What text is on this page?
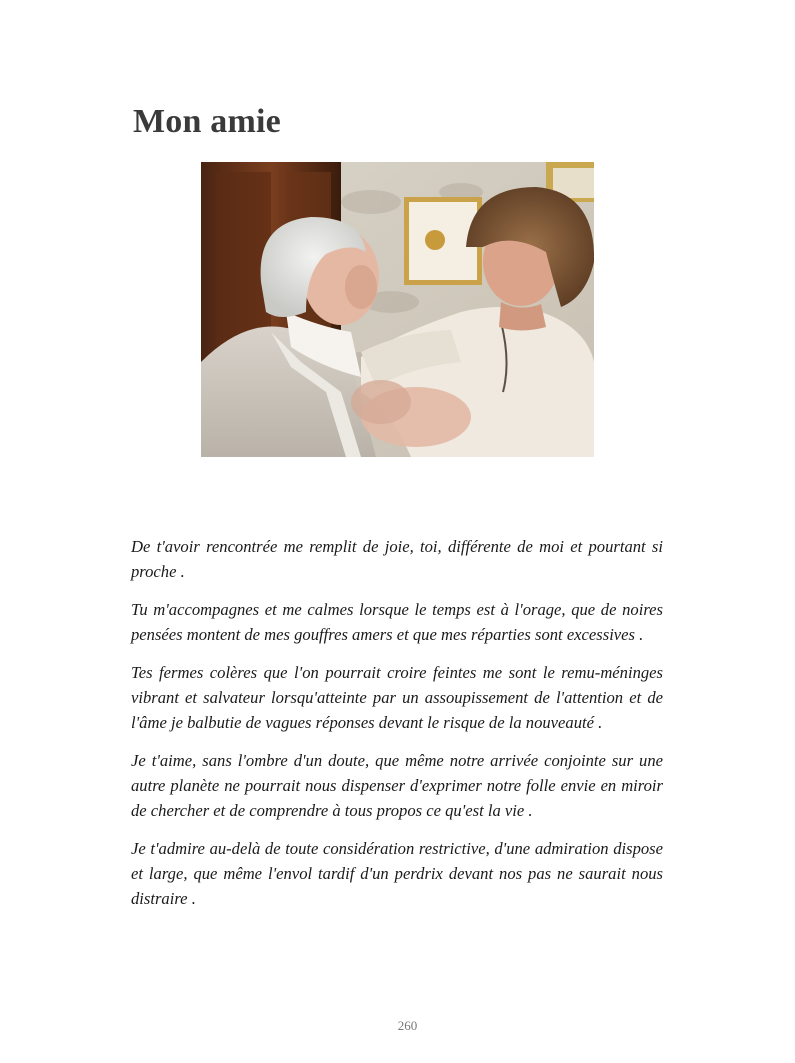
Mon amie

De t'avoir rencontrée me remplit de joie, toi, différente de moi et pourtant si proche .

Tu m'accompagnes et me calmes lorsque le temps est à l'orage, que de noires pensées montent de mes gouffres amers et que mes réparties sont excessives .

Tes fermes colères que l'on pourrait croire feintes me sont le remu-méninges vibrant et salvateur lorsqu'atteinte par un assoupissement de l'attention et de l'âme je balbutie de vagues réponses devant le risque de la nouveauté .

Je t'aime, sans l'ombre d'un doute, que même notre arrivée conjointe sur une autre planète ne pourrait nous dispenser d'exprimer notre folle envie en miroir de chercher et de comprendre à tous propos ce qu'est la vie .

Je t'admire au-delà de toute considération restrictive, d'une admiration dispose et large, que même l'envol tardif d'un perdrix devant nos pas ne saurait nous distraire .

260
